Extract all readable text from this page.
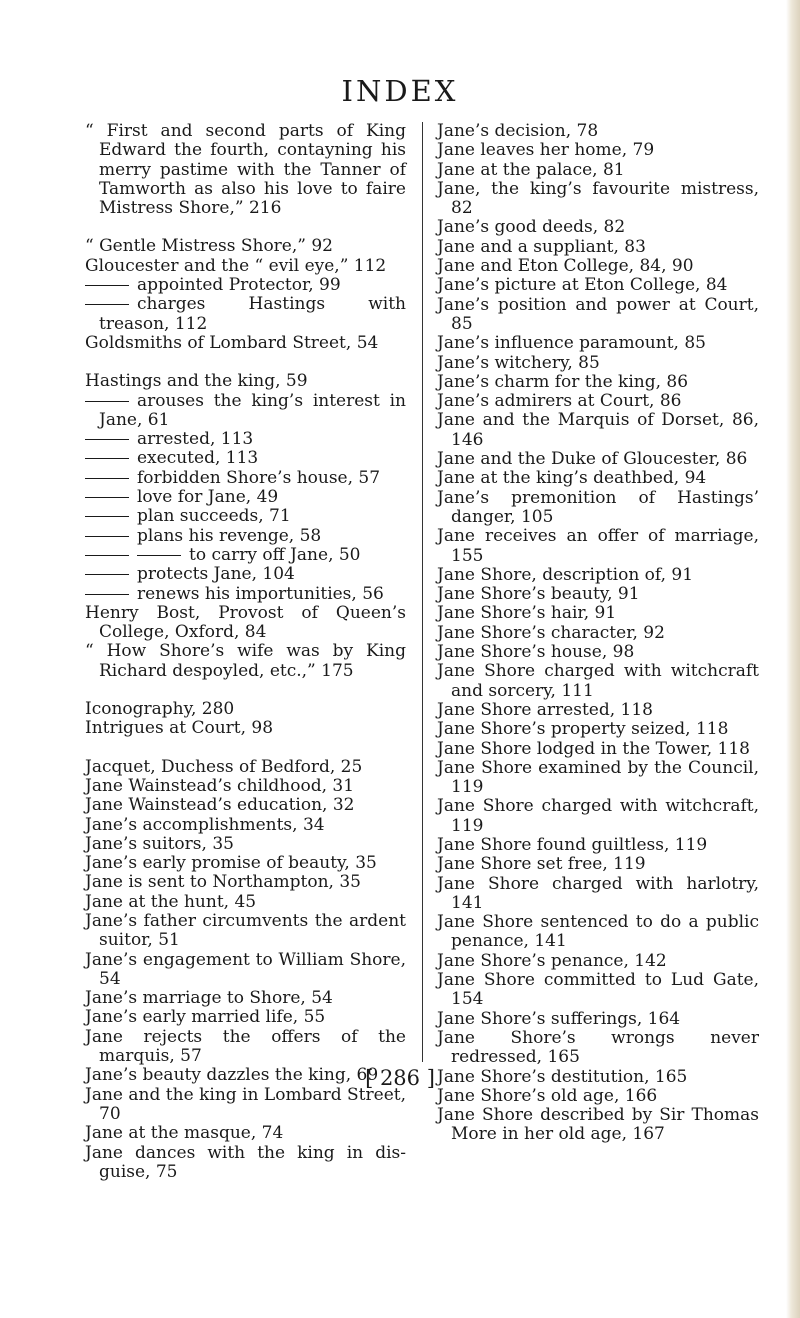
INDEX

“ First and second parts of King Edward the fourth, contayning his merry pastime with the Tanner of Tamworth as also his love to faire Mistress Shore,” 216

“ Gentle Mistress Shore,” 92

Gloucester and the “ evil eye,” 112

appointed Protector, 99

charges Hastings with treason, 112

Goldsmiths of Lombard Street, 54

Hastings and the king, 59

arouses the king’s interest in Jane, 61

arrested, 113

executed, 113

forbidden Shore’s house, 57

love for Jane, 49

plan succeeds, 71

plans his revenge, 58

to carry off Jane, 50

protects Jane, 104

renews his importunities, 56

Henry Bost, Provost of Queen’s College, Oxford, 84

“ How Shore’s wife was by King Richard despoyled, etc.,” 175

Iconography, 280

Intrigues at Court, 98

Jacquet, Duchess of Bedford, 25

Jane Wainstead’s childhood, 31

Jane Wainstead’s education, 32

Jane’s accomplishments, 34

Jane’s suitors, 35

Jane’s early promise of beauty, 35

Jane is sent to Northampton, 35

Jane at the hunt, 45

Jane’s father circumvents the ardent suitor, 51

Jane’s engagement to William Shore, 54

Jane’s marriage to Shore, 54

Jane’s early married life, 55

Jane rejects the offers of the marquis, 57

Jane’s beauty dazzles the king, 69

Jane and the king in Lombard Street, 70

Jane at the masque, 74

Jane dances with the king in dis-guise, 75

Jane’s decision, 78

Jane leaves her home, 79

Jane at the palace, 81

Jane, the king’s favourite mistress, 82

Jane’s good deeds, 82

Jane and a suppliant, 83

Jane and Eton College, 84, 90

Jane’s picture at Eton College, 84

Jane’s position and power at Court, 85

Jane’s influence paramount, 85

Jane’s witchery, 85

Jane’s charm for the king, 86

Jane’s admirers at Court, 86

Jane and the Marquis of Dorset, 86, 146

Jane and the Duke of Gloucester, 86

Jane at the king’s deathbed, 94

Jane’s premonition of Hastings’ danger, 105

Jane receives an offer of marriage, 155

Jane Shore, description of, 91

Jane Shore’s beauty, 91

Jane Shore’s hair, 91

Jane Shore’s character, 92

Jane Shore’s house, 98

Jane Shore charged with witchcraft and sorcery, 111

Jane Shore arrested, 118

Jane Shore’s property seized, 118

Jane Shore lodged in the Tower, 118

Jane Shore examined by the Council, 119

Jane Shore charged with witchcraft, 119

Jane Shore found guiltless, 119

Jane Shore set free, 119

Jane Shore charged with harlotry, 141

Jane Shore sentenced to do a public penance, 141

Jane Shore’s penance, 142

Jane Shore committed to Lud Gate, 154

Jane Shore’s sufferings, 164

Jane Shore’s wrongs never redressed, 165

Jane Shore’s destitution, 165

Jane Shore’s old age, 166

Jane Shore described by Sir Thomas More in her old age, 167

[ 286 ]
